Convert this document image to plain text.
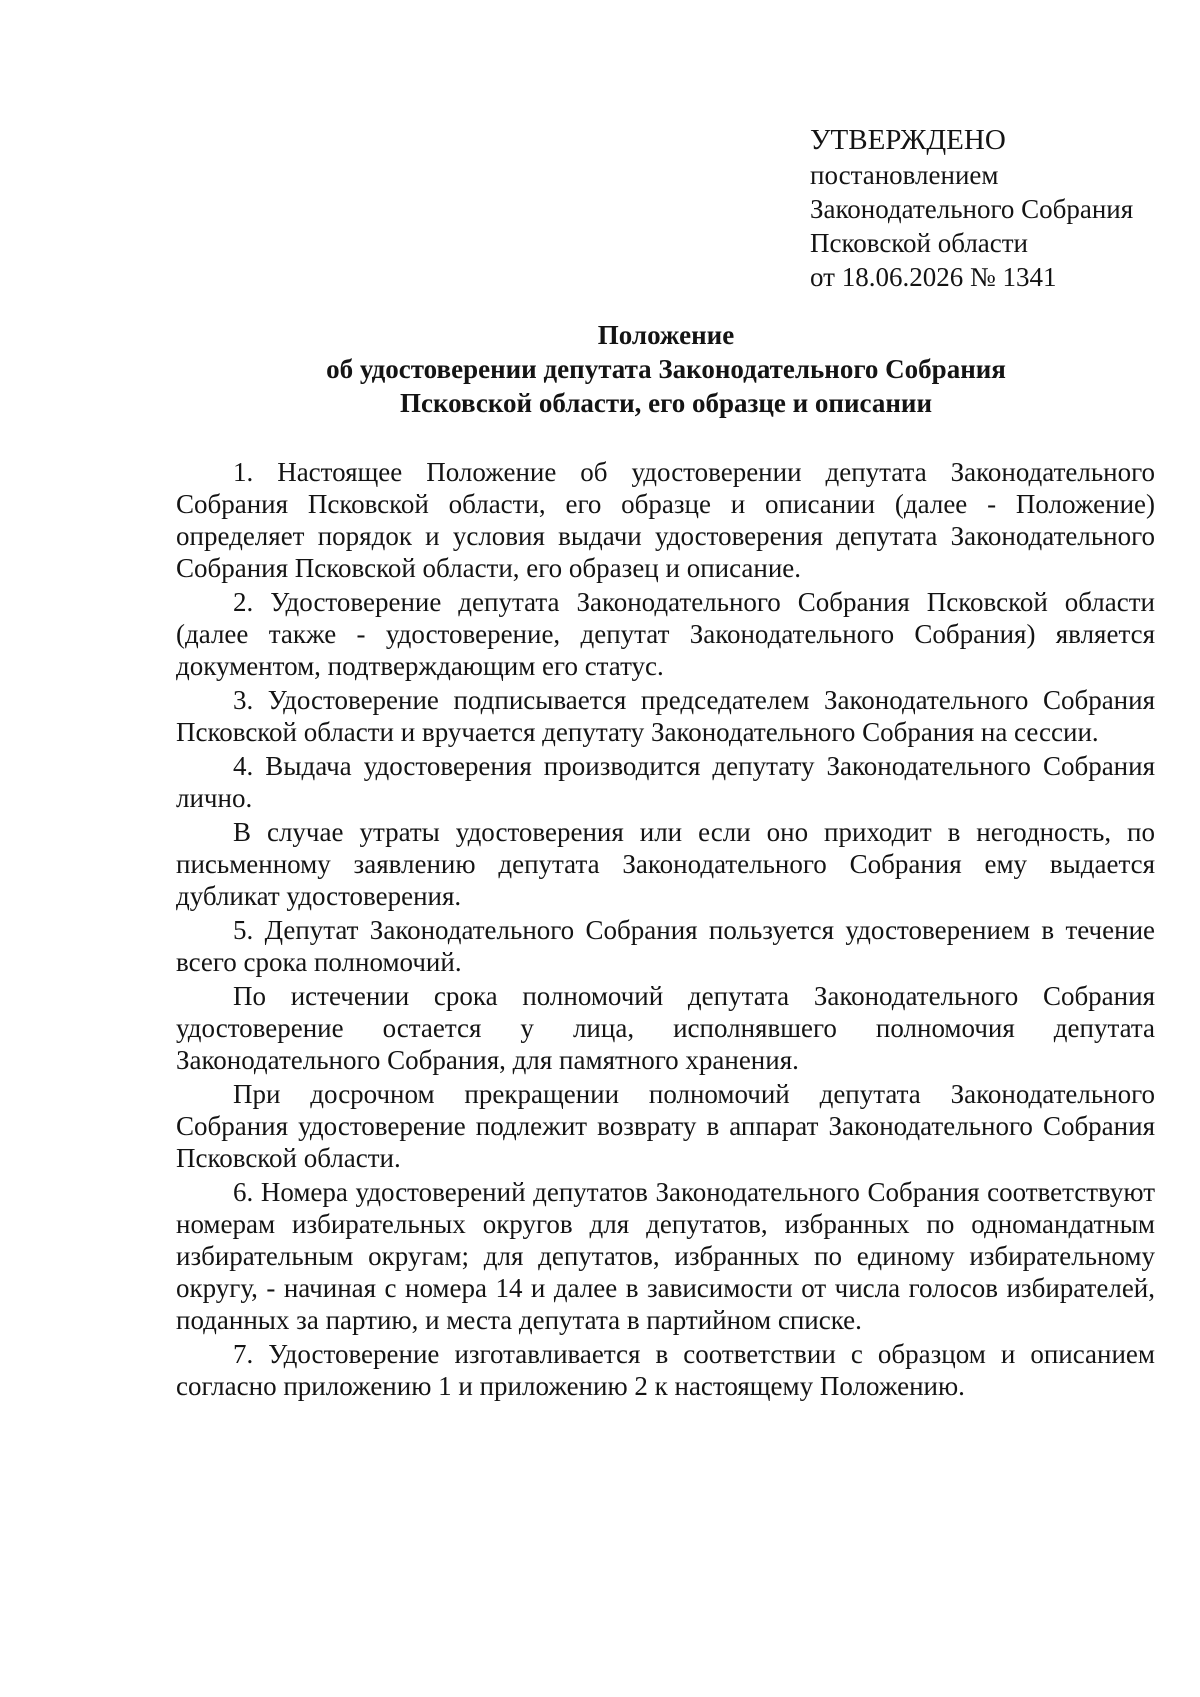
УТВЕРЖДЕНО
постановлением
Законодательного Собрания
Псковской области
от 18.06.2026 № 1341
Положение
об удостоверении депутата Законодательного Собрания
Псковской области, его образце и описании

1. Настоящее Положение об удостоверении депутата Законодательного Собрания Псковской области, его образце и описании (далее - Положение) определяет порядок и условия выдачи удостоверения депутата Законодательного Собрания Псковской области, его образец и описание.

2. Удостоверение депутата Законодательного Собрания Псковской области (далее также - удостоверение, депутат Законодательного Собрания) является документом, подтверждающим его статус.

3. Удостоверение подписывается председателем Законодательного Собрания Псковской области и вручается депутату Законодательного Собрания на сессии.

4. Выдача удостоверения производится депутату Законодательного Собрания лично.

В случае утраты удостоверения или если оно приходит в негодность, по письменному заявлению депутата Законодательного Собрания ему выдается дубликат удостоверения.

5. Депутат Законодательного Собрания пользуется удостоверением в течение всего срока полномочий.

По истечении срока полномочий депутата Законодательного Собрания удостоверение остается у лица, исполнявшего полномочия депутата Законодательного Собрания, для памятного хранения.

При досрочном прекращении полномочий депутата Законодательного Собрания удостоверение подлежит возврату в аппарат Законодательного Собрания Псковской области.

6. Номера удостоверений депутатов Законодательного Собрания соответствуют номерам избирательных округов для депутатов, избранных по одномандатным избирательным округам; для депутатов, избранных по единому избирательному округу, - начиная с номера 14 и далее в зависимости от числа голосов избирателей, поданных за партию, и места депутата в партийном списке.

7. Удостоверение изготавливается в соответствии с образцом и описанием согласно приложению 1 и приложению 2 к настоящему Положению.
